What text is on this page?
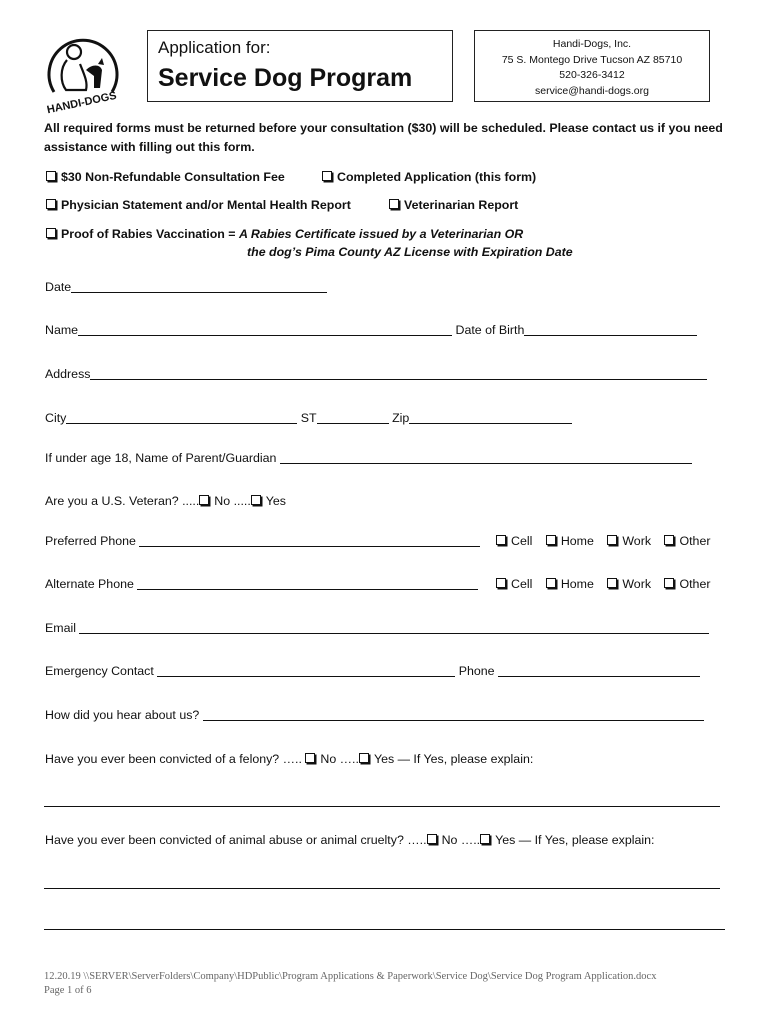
HANDI-DOGS
Application for:
Service Dog Program
Handi-Dogs, Inc.
75 S. Montego Drive Tucson AZ 85710
520-326-3412
service@handi-dogs.org
All required forms must be returned before your consultation ($30) will be scheduled. Please contact us if you need assistance with filling out this form.
$30 Non-Refundable Consultation Fee	Completed Application (this form)
Physician Statement and/or Mental Health Report	Veterinarian Report
Proof of Rabies Vaccination = A Rabies Certificate issued by a Veterinarian OR
the dog’s Pima County AZ License with Expiration Date
Date
Name	Date of Birth
Address
City	ST	Zip
If under age 18, Name of Parent/Guardian
Are you a U.S. Veteran? ..... No ..... Yes
Preferred Phone	Cell Home Work Other
Alternate Phone	Cell Home Work Other
Email
Emergency Contact	Phone
How did you hear about us?
Have you ever been convicted of a felony? ….. No ….. Yes — If Yes, please explain:
Have you ever been convicted of animal abuse or animal cruelty? ….. No ….. Yes — If Yes, please explain:
12.20.19 \\SERVER\ServerFolders\Company\HDPublic\Program Applications & Paperwork\Service Dog\Service Dog Program Application.docx
Page 1 of 6
